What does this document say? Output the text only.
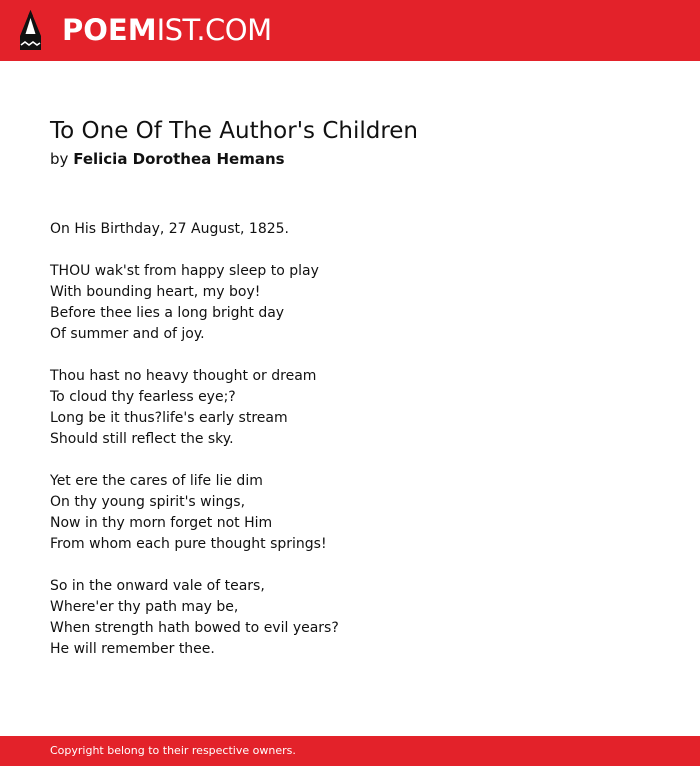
POEMIST.COM
To One Of The Author's Children
by Felicia Dorothea Hemans
On His Birthday, 27 August, 1825.
THOU wak'st from happy sleep to play
With bounding heart, my boy!
Before thee lies a long bright day
Of summer and of joy.
Thou hast no heavy thought or dream
To cloud thy fearless eye;?
Long be it thus?life's early stream
Should still reflect the sky.
Yet ere the cares of life lie dim
On thy young spirit's wings,
Now in thy morn forget not Him
From whom each pure thought springs!
So in the onward vale of tears,
Where'er thy path may be,
When strength hath bowed to evil years?
He will remember thee.
Copyright belong to their respective owners.
